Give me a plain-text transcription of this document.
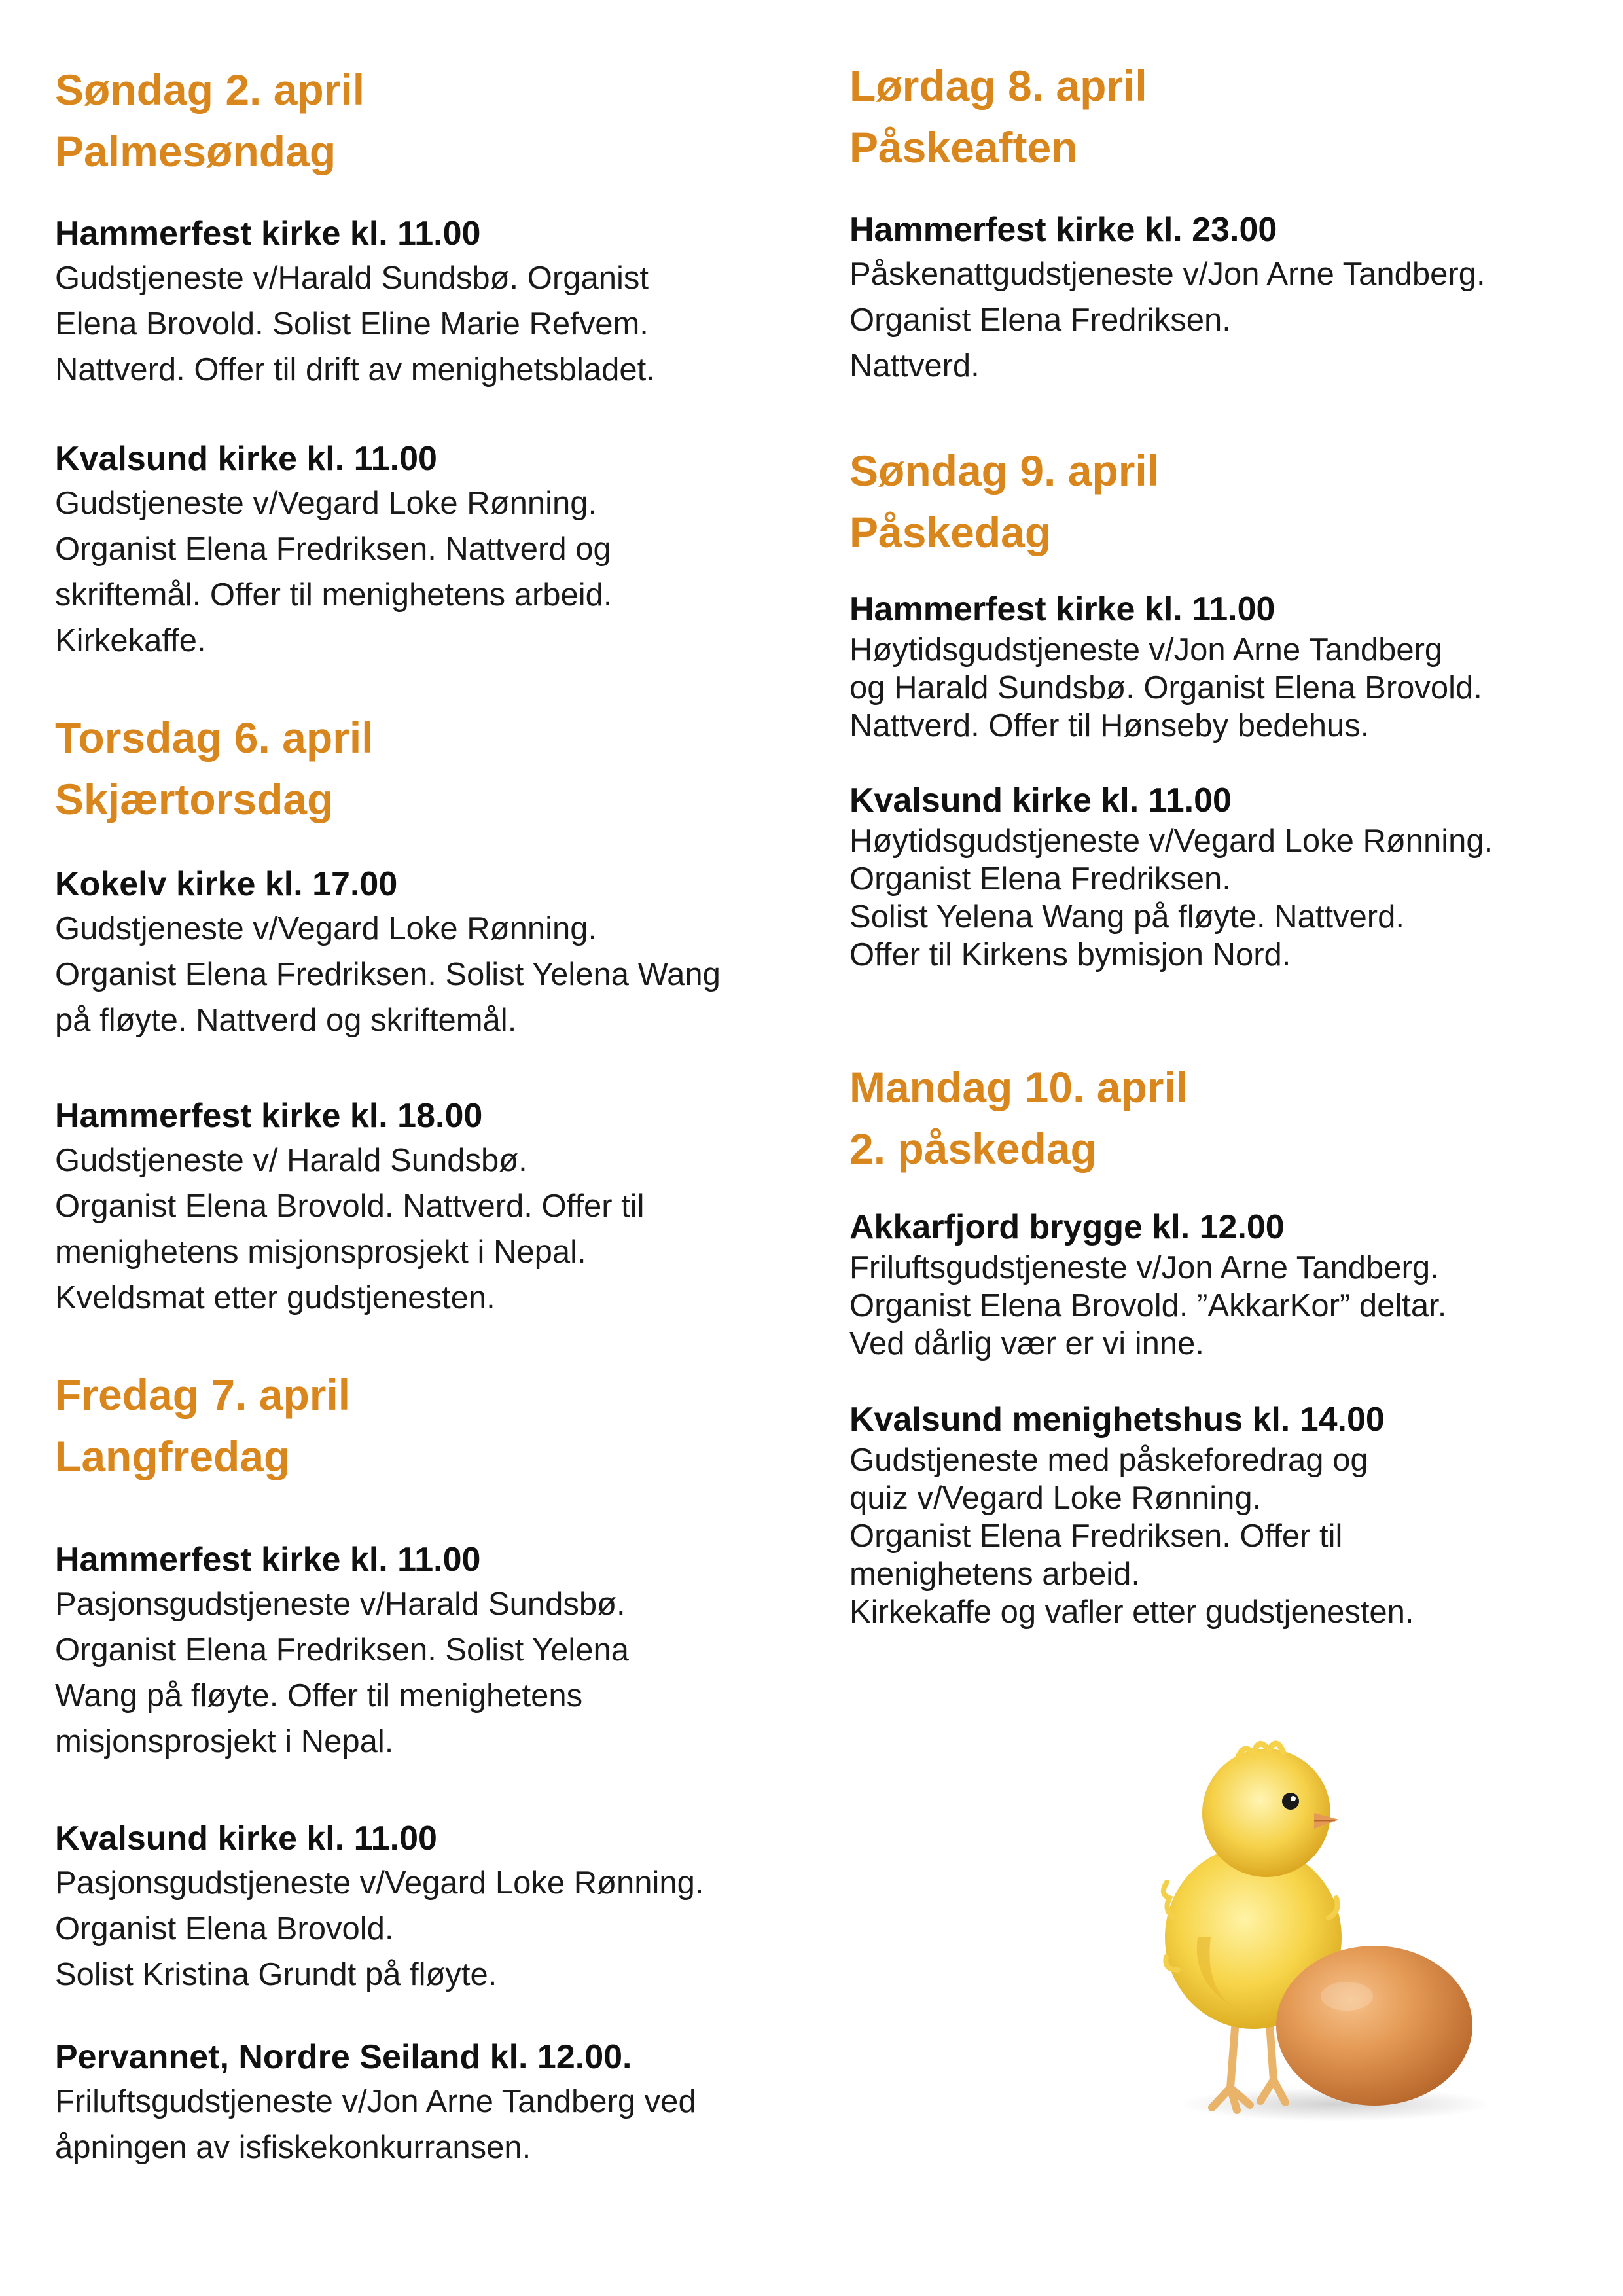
Søndag 2. april
Palmesøndag
Hammerfest kirke kl. 11.00
Gudstjeneste v/Harald Sundsbø. Organist
Elena Brovold. Solist Eline Marie Refvem.
Nattverd. Offer til drift av menighetsbladet.
Kvalsund kirke kl. 11.00
Gudstjeneste v/Vegard Loke Rønning.
Organist Elena Fredriksen. Nattverd og
skriftemål. Offer til menighetens arbeid.
Kirkekaffe.
Torsdag 6. april
Skjærtorsdag
Kokelv kirke kl. 17.00
Gudstjeneste v/Vegard Loke Rønning.
Organist Elena Fredriksen. Solist Yelena Wang
på fløyte. Nattverd og skriftemål.
Hammerfest kirke kl. 18.00
Gudstjeneste v/ Harald Sundsbø.
Organist Elena Brovold. Nattverd. Offer til
menighetens misjonsprosjekt i Nepal.
Kveldsmat etter gudstjenesten.
Fredag 7. april
Langfredag
Hammerfest kirke kl. 11.00
Pasjonsgudstjeneste v/Harald Sundsbø.
Organist Elena Fredriksen. Solist Yelena
Wang på fløyte. Offer til menighetens
misjonsprosjekt i Nepal.
Kvalsund kirke kl. 11.00
Pasjonsgudstjeneste v/Vegard Loke Rønning.
Organist Elena Brovold.
Solist Kristina Grundt på fløyte.
Pervannet, Nordre Seiland kl. 12.00.
Friluftsgudstjeneste v/Jon Arne Tandberg ved
åpningen av isfiskekonkurransen.
Lørdag 8. april
Påskeaften
Hammerfest kirke kl. 23.00
Påskenattgudstjeneste v/Jon Arne Tandberg.
Organist Elena Fredriksen.
Nattverd.
Søndag 9. april
Påskedag
Hammerfest kirke kl. 11.00
Høytidsgudstjeneste v/Jon Arne Tandberg
og Harald Sundsbø. Organist Elena Brovold.
Nattverd. Offer til Hønseby bedehus.
Kvalsund kirke kl. 11.00
Høytidsgudstjeneste v/Vegard Loke Rønning.
Organist Elena Fredriksen.
Solist Yelena Wang på fløyte. Nattverd.
Offer til Kirkens bymisjon Nord.
Mandag 10. april
2. påskedag
Akkarfjord brygge kl. 12.00
Friluftsgudstjeneste v/Jon Arne Tandberg.
Organist Elena Brovold. ”AkkarKor” deltar.
Ved dårlig vær er vi inne.
Kvalsund menighetshus kl. 14.00
Gudstjeneste med påskeforedrag og
quiz v/Vegard Loke Rønning.
Organist Elena Fredriksen. Offer til
menighetens arbeid.
Kirkekaffe og vafler etter gudstjenesten.
